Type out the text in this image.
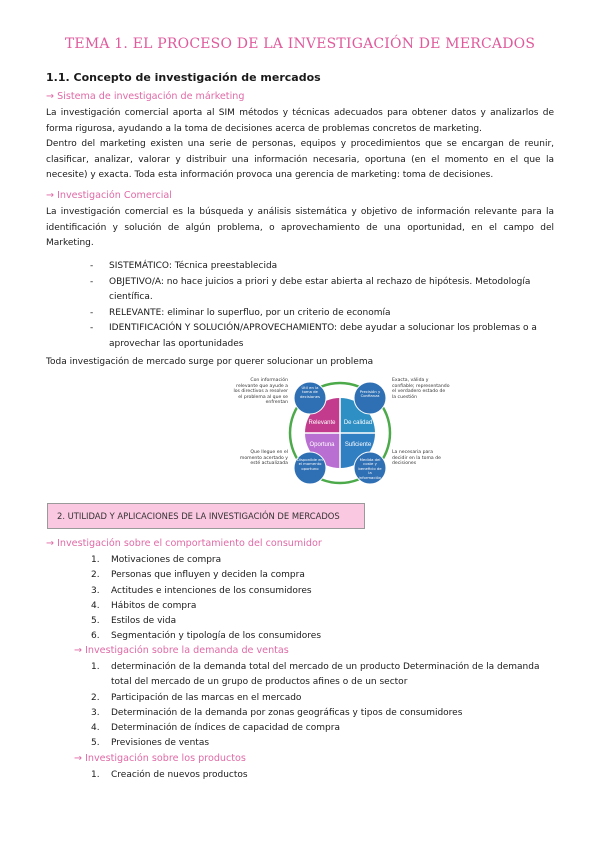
TEMA 1. EL PROCESO DE LA INVESTIGACIÓN DE MERCADOS
1.1. Concepto de investigación de mercados
→ Sistema de investigación de márketing
La investigación comercial aporta al SIM métodos y técnicas adecuados para obtener datos y analizarlos de forma rigurosa, ayudando a la toma de decisiones acerca de problemas concretos de marketing.
Dentro del marketing existen una serie de personas, equipos y procedimientos que se encargan de reunir, clasificar, analizar, valorar y distribuir una información necesaria, oportuna (en el momento en el que la necesite) y exacta. Toda esta información provoca una gerencia de marketing: toma de decisiones.
→ Investigación Comercial
La investigación comercial es la búsqueda y análisis sistemática y objetivo de información relevante para la identificación y solución de algún problema, o aprovechamiento de una oportunidad, en el campo del Marketing.
- SISTEMÁTICO: Técnica preestablecida
- OBJETIVO/A: no hace juicios a priori y debe estar abierta al rechazo de hipótesis. Metodología científica.
- RELEVANTE: eliminar lo superfluo, por un criterio de economía
- IDENTIFICACIÓN Y SOLUCIÓN/APROVECHAMIENTO: debe ayudar a solucionar los problemas o a aprovechar las oportunidades
Toda investigación de mercado surge por querer solucionar un problema
Con información relevante que ayude a los directivos a resolver el problema al que se enfrentan
Exacta, válida y confiable; representando el verdadero estado de la cuestión
Que llegue en el momento acertado y esté actualizada
La necesaria para decidir en la toma de decisiones
Relevante De calidad
Oportuna Suficiente
Útil en la toma de decisiones
Precisión y Confianza
Disponible en el momento oportuno
Medida del coste y beneficio de la información
2. UTILIDAD Y APLICACIONES DE LA INVESTIGACIÓN DE MERCADOS
→ Investigación sobre el comportamiento del consumidor
1. Motivaciones de compra
2. Personas que influyen y deciden la compra
3. Actitudes e intenciones de los consumidores
4. Hábitos de compra
5. Estilos de vida
6. Segmentación y tipología de los consumidores
→ Investigación sobre la demanda de ventas
1. determinación de la demanda total del mercado de un producto Determinación de la demanda total del mercado de un grupo de productos afines o de un sector
2. Participación de las marcas en el mercado
3. Determinación de la demanda por zonas geográficas y tipos de consumidores
4. Determinación de índices de capacidad de compra
5. Previsiones de ventas
→ Investigación sobre los productos
1. Creación de nuevos productos
